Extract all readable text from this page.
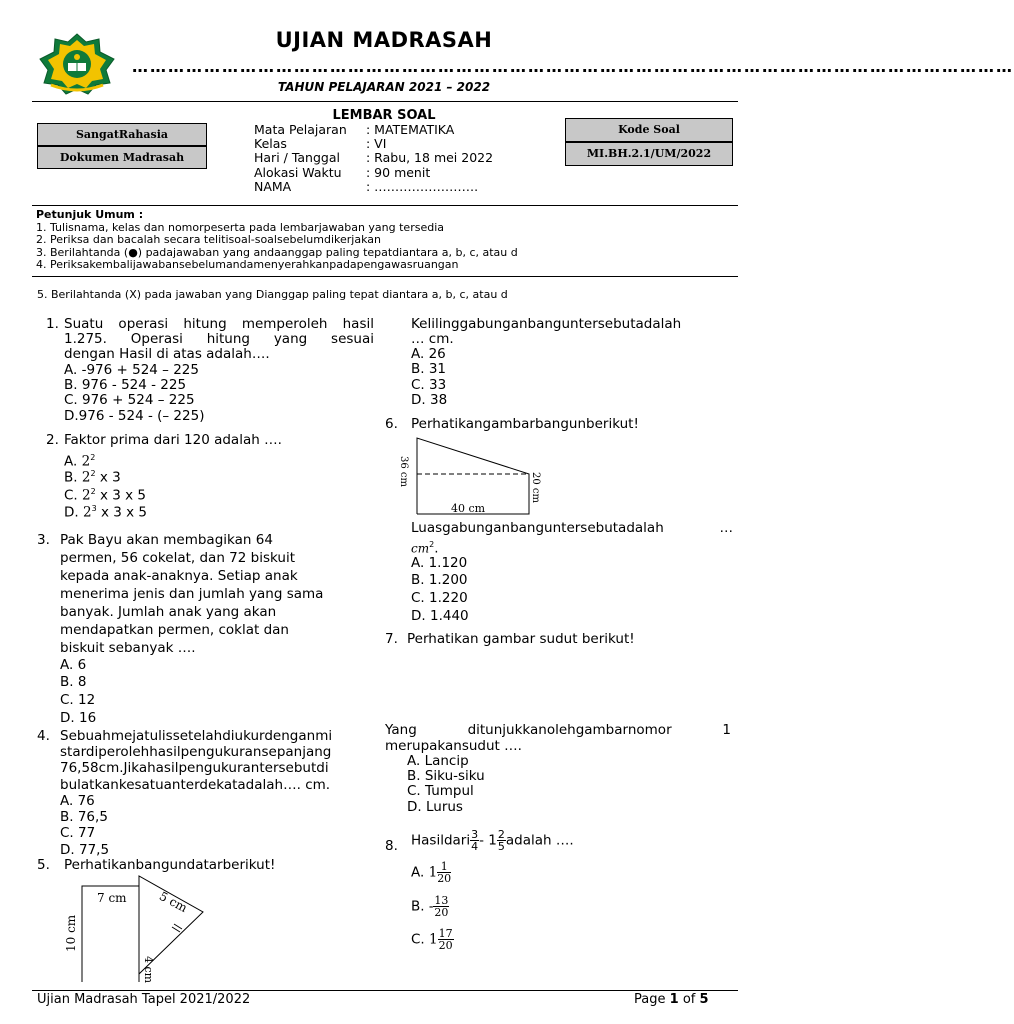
UJIAN MADRASAH
…………………………………………………………………………………………………………………………………
TAHUN PELAJARAN 2021 – 2022
LEMBAR SOAL
SangatRahasia
Dokumen Madrasah
Mata Pelajaran : MATEMATIKA
Kelas	: VI
Hari / Tanggal : Rabu, 18 mei 2022
Alokasi Waktu : 90 menit
NAMA	: …………………….
Kode Soal
MI.BH.2.1/UM/2022
Petunjuk Umum :
1. Tulisnama, kelas dan nomorpeserta pada lembarjawaban yang tersedia
2. Periksa dan bacalah secara telitisoal-soalsebelumdikerjakan
3. Berilahtanda (●) padajawaban yang andaanggap paling tepatdiantara a, b, c, atau d
4. Periksakembalijawabansebelumandamenyerahkanpadapengawasruangan
5. Berilahtanda (X) pada jawaban yang Dianggap paling tepat diantara a, b, c, atau d
1. Suatu operasi hitung memperoleh hasil
1.275. Operasi hitung yang sesuai
dengan Hasil di atas adalah….
A. -976 + 524 – 225
B. 976 - 524 - 225
C. 976 + 524 – 225
D.976 - 524 - (– 225)
2. Faktor prima dari 120 adalah ….
A. $2^2$
B. $2^2$ x 3
C. $2^2$ x 3 x 5
D. $2^3$ x 3 x 5
3. Pak Bayu akan membagikan 64
permen, 56 cokelat, dan 72 biskuit
kepada anak-anaknya. Setiap anak
menerima jenis dan jumlah yang sama
banyak. Jumlah anak yang akan
mendapatkan permen, coklat dan
biskuit sebanyak ….
A. 6
B. 8
C. 12
D. 16
4. Sebuahmejatulissetelahdiukurdenganmi
stardiperolehhasilpengukuransepanjang
76,58cm.Jikahasilpengukurantersebutdi
bulatkankesatuanterdekatadalah…. cm.
A. 76
B. 76,5
C. 77
D. 77,5
5. Perhatikanbangundatarberikut!
7 cm	5 cm
10 cm
4 cm
Kelilinggabunganbanguntersebutadalah
… cm.
A. 26
B. 31
C. 33
D. 38
6. Perhatikangambarbangunberikut!
36 cm
20 cm
40 cm
Luasgabunganbanguntersebutadalah …
$cm^2$.
A. 1.120
B. 1.200
C. 1.220
D. 1.440
7. Perhatikan gambar sudut berikut!
Yang	ditunjukkanolehgambarnomor	1
merupakansudut ….
A. Lancip
B. Siku-siku
C. Tumpul
D. Lurus
8. Hasildari $\frac{3}{4} - 1 \frac{2}{5}$ adalah ….
A. $1 \frac{1}{20}$
B. - $\frac{13}{20}$
C. $1 \frac{17}{20}$
Ujian Madrasah Tapel 2021/2022	Page 1 of 5
